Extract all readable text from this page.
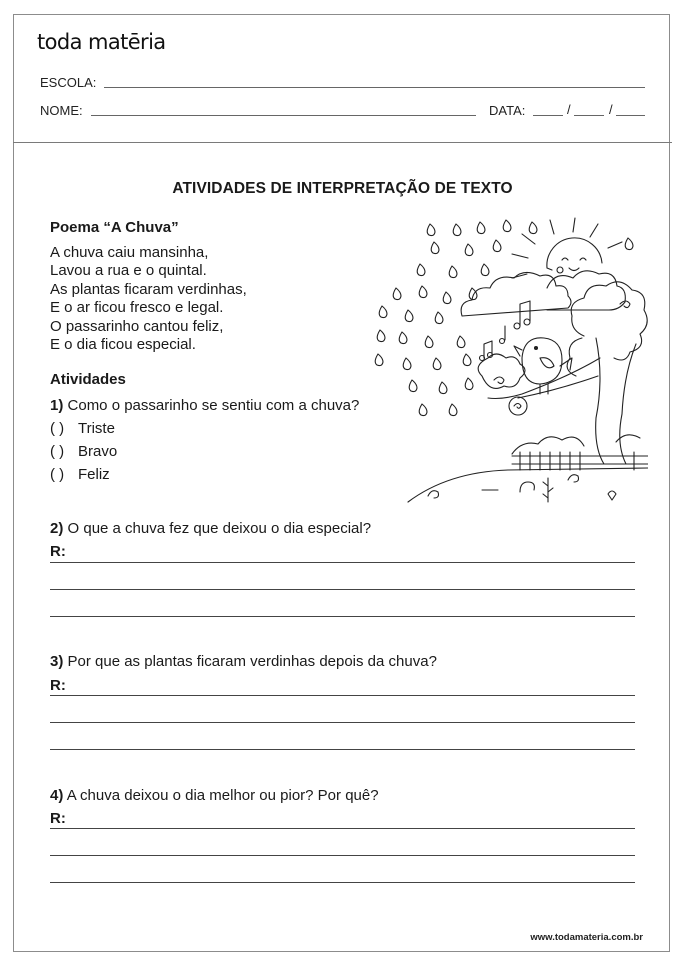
toda matēria
ESCOLA:
NOME:	DATA:	/	/
ATIVIDADES DE INTERPRETAÇÃO DE TEXTO
Poema “A Chuva”
A chuva caiu mansinha,
Lavou a rua e o quintal.
As plantas ficaram verdinhas,
E o ar ficou fresco e legal.
O passarinho cantou feliz,
E o dia ficou especial.
Atividades
1) Como o passarinho se sentiu com a chuva?
( ) Triste
( ) Bravo
( ) Feliz
2) O que a chuva fez que deixou o dia especial?
R:
3) Por que as plantas ficaram verdinhas depois da chuva?
R:
4) A chuva deixou o dia melhor ou pior? Por quê?
R:
www.todamateria.com.br
